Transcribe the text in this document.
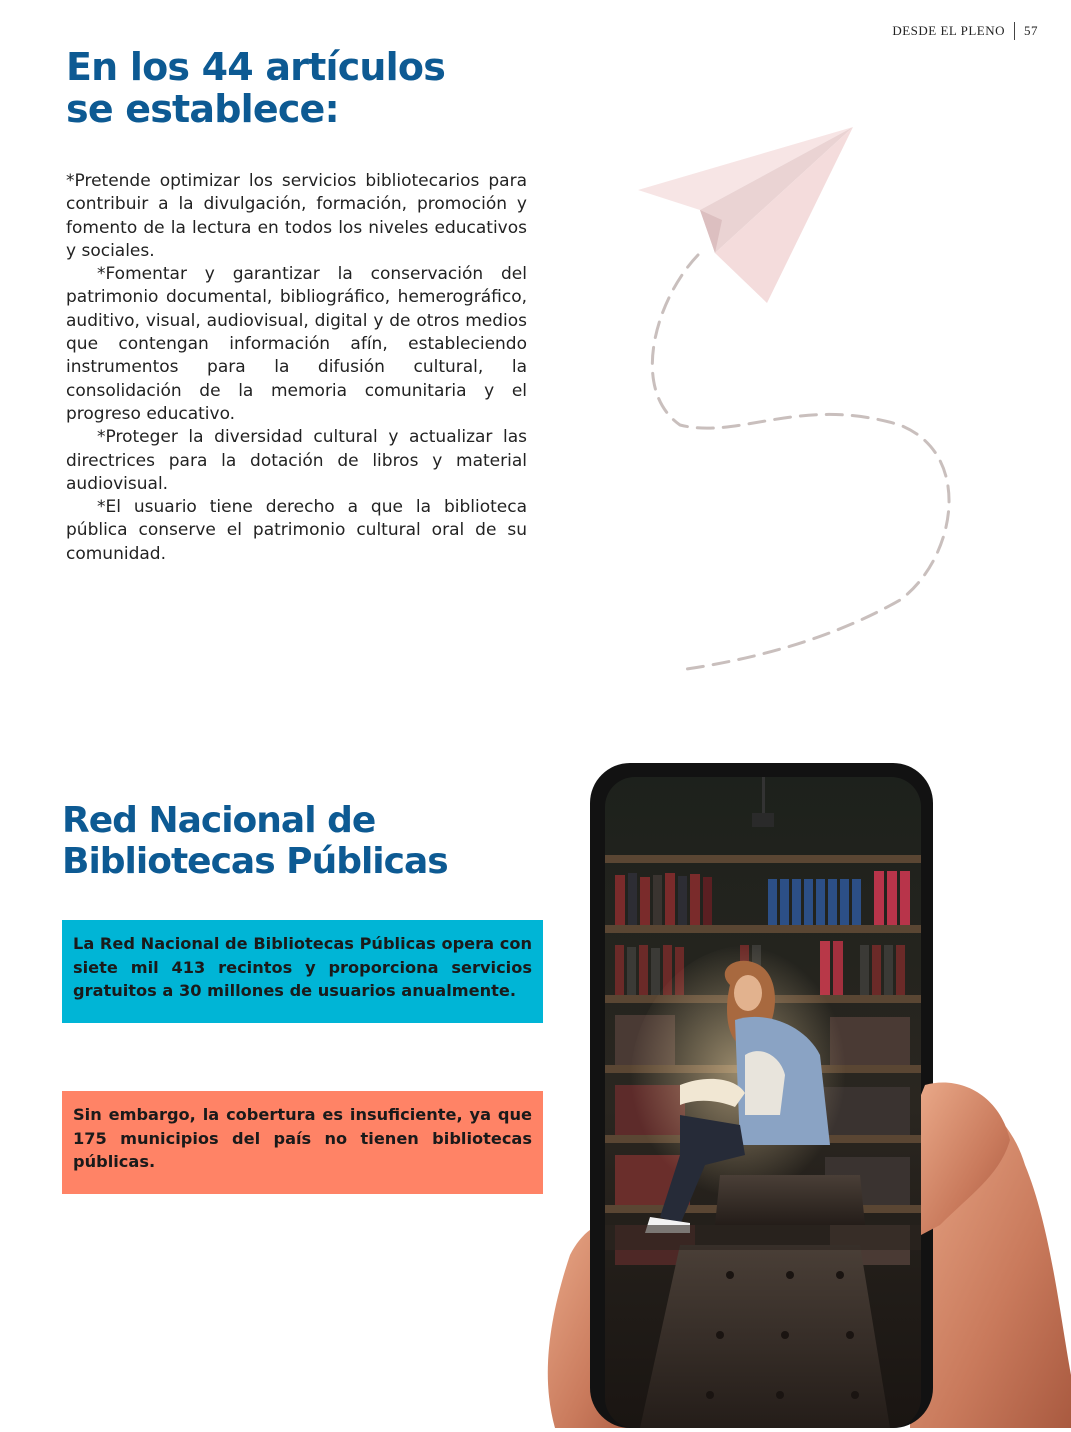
DESDE EL PLENO 57
En los 44 artículos
se establece:

*Pretende optimizar los servicios bibliotecarios para contribuir a la divulgación, formación, promoción y fomento de la lectura en todos los niveles educativos y sociales.

*Fomentar y garantizar la conservación del patrimonio documental, bibliográfico, hemerográfico, auditivo, visual, audiovisual, digital y de otros medios que contengan información afín, estableciendo instrumentos para la difusión cultural, la consolidación de la memoria comunitaria y el progreso educativo.

*Proteger la diversidad cultural y actualizar las directrices para la dotación de libros y material audiovisual.

*El usuario tiene derecho a que la biblioteca pública conserve el patrimonio cultural oral de su comunidad.

Red Nacional de
Bibliotecas Públicas
La Red Nacional de Bibliotecas Públicas opera con siete mil 413 recintos y proporciona servicios gratuitos a 30 millones de usuarios anualmente.
Sin embargo, la cobertura es insuficiente, ya que 175 municipios del país no tienen bibliotecas públicas.
